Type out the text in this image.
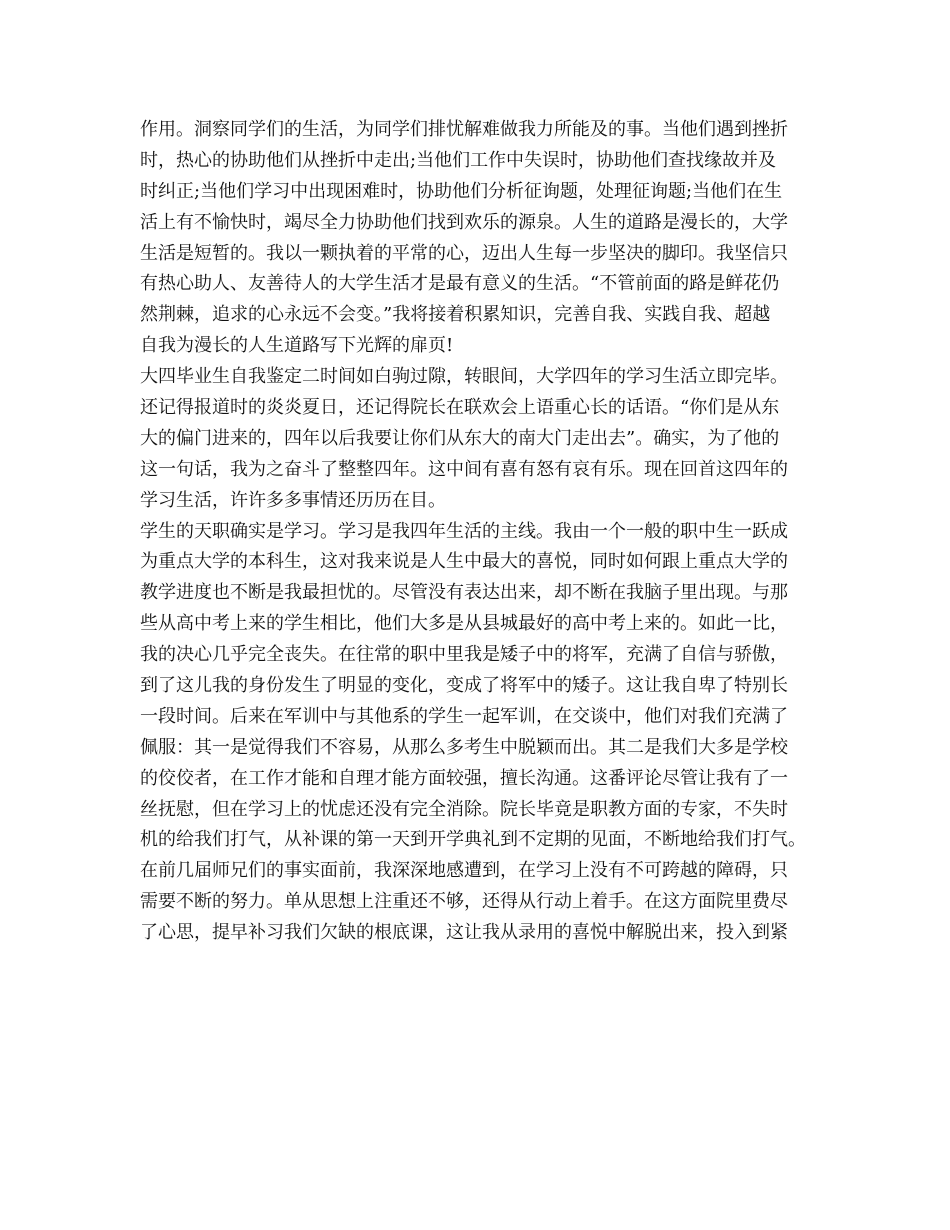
作用。洞察同学们的生活，为同学们排忧解难做我力所能及的事。当他们遇到挫折
时，热心的协助他们从挫折中走出;当他们工作中失误时，协助他们查找缘故并及
时纠正;当他们学习中出现困难时，协助他们分析征询题，处理征询题;当他们在生
活上有不愉快时，竭尽全力协助他们找到欢乐的源泉。人生的道路是漫长的，大学
生活是短暂的。我以一颗执着的平常的心，迈出人生每一步坚决的脚印。我坚信只
有热心助人、友善待人的大学生活才是最有意义的生活。“不管前面的路是鲜花仍
然荆棘，追求的心永远不会变。”我将接着积累知识，完善自我、实践自我、超越
自我为漫长的人生道路写下光辉的扉页!
大四毕业生自我鉴定二时间如白驹过隙，转眼间，大学四年的学习生活立即完毕。
还记得报道时的炎炎夏日，还记得院长在联欢会上语重心长的话语。“你们是从东
大的偏门进来的，四年以后我要让你们从东大的南大门走出去”。确实，为了他的
这一句话，我为之奋斗了整整四年。这中间有喜有怒有哀有乐。现在回首这四年的
学习生活，许许多多事情还历历在目。
学生的天职确实是学习。学习是我四年生活的主线。我由一个一般的职中生一跃成
为重点大学的本科生，这对我来说是人生中最大的喜悦，同时如何跟上重点大学的
教学进度也不断是我最担忧的。尽管没有表达出来，却不断在我脑子里出现。与那
些从高中考上来的学生相比，他们大多是从县城最好的高中考上来的。如此一比，
我的决心几乎完全丧失。在往常的职中里我是矮子中的将军，充满了自信与骄傲，
到了这儿我的身份发生了明显的变化，变成了将军中的矮子。这让我自卑了特别长
一段时间。后来在军训中与其他系的学生一起军训，在交谈中，他们对我们充满了
佩服：其一是觉得我们不容易，从那么多考生中脱颖而出。其二是我们大多是学校
的佼佼者，在工作才能和自理才能方面较强，擅长沟通。这番评论尽管让我有了一
丝抚慰，但在学习上的忧虑还没有完全消除。院长毕竟是职教方面的专家，不失时
机的给我们打气，从补课的第一天到开学典礼到不定期的见面，不断地给我们打气。
在前几届师兄们的事实面前，我深深地感遭到，在学习上没有不可跨越的障碍，只
需要不断的努力。单从思想上注重还不够，还得从行动上着手。在这方面院里费尽
了心思，提早补习我们欠缺的根底课，这让我从录用的喜悦中解脱出来，投入到紧
